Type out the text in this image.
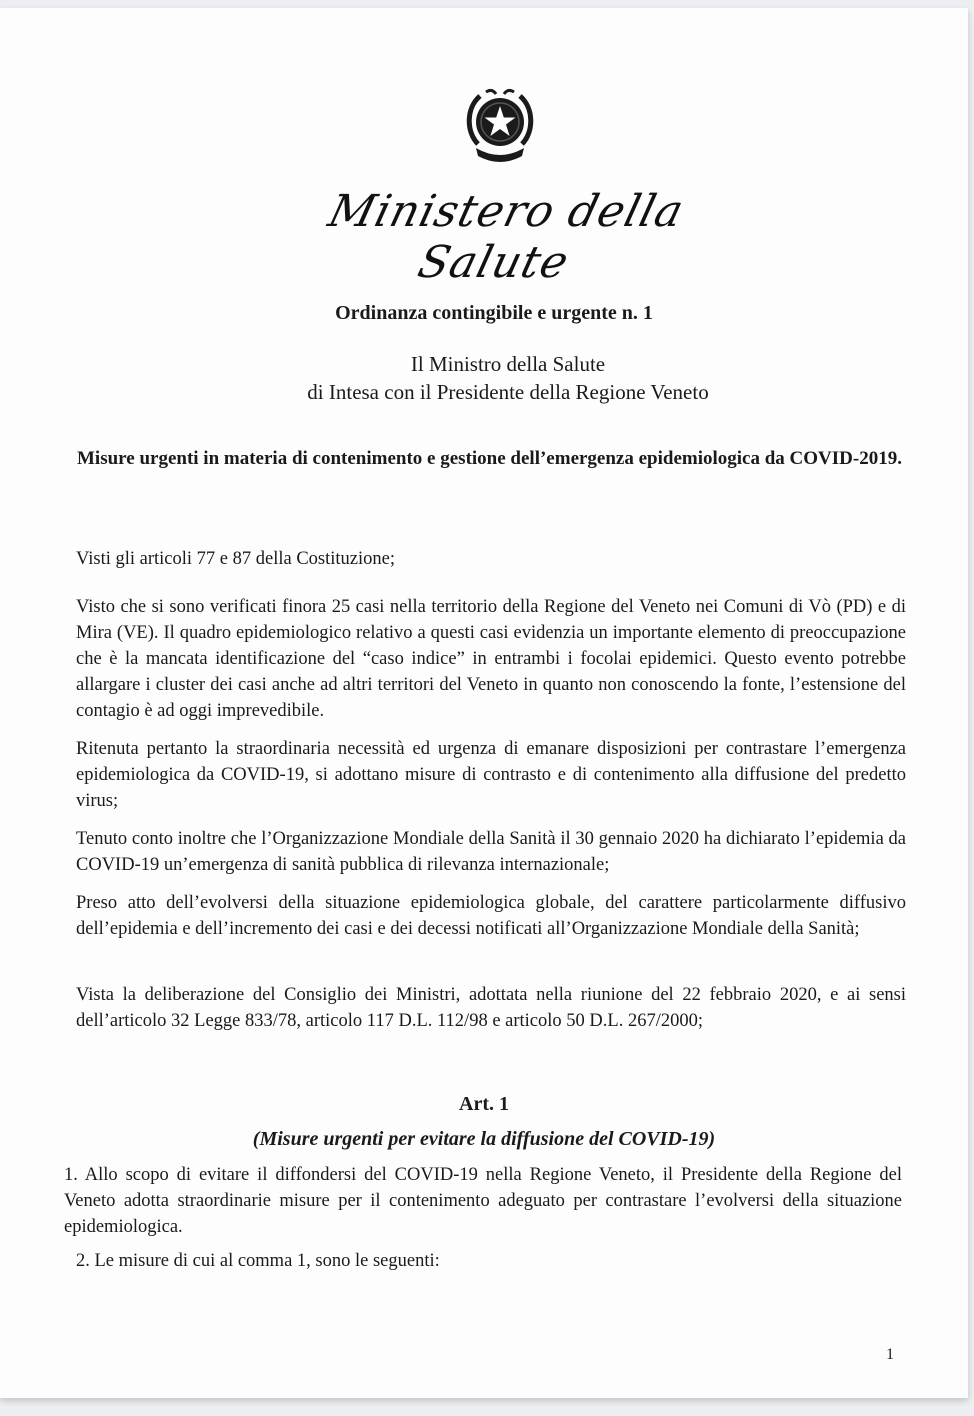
Ministero della Salute
Ordinanza contingibile e urgente n. 1
Il Ministro della Salute
di Intesa con il Presidente della Regione Veneto
Misure urgenti in materia di contenimento e gestione dell’emergenza epidemiologica da COVID-2019.

Visti gli articoli 77 e 87 della Costituzione;

Visto che si sono verificati finora 25 casi nella territorio della Regione del Veneto nei Comuni di Vò (PD) e di Mira (VE). Il quadro epidemiologico relativo a questi casi evidenzia un importante elemento di preoccupazione che è la mancata identificazione del “caso indice” in entrambi i focolai epidemici. Questo evento potrebbe allargare i cluster dei casi anche ad altri territori del Veneto in quanto non conoscendo la fonte, l’estensione del contagio è ad oggi imprevedibile.

Ritenuta pertanto la straordinaria necessità ed urgenza di emanare disposizioni per contrastare l’emergenza epidemiologica da COVID-19, si adottano misure di contrasto e di contenimento alla diffusione del predetto virus;

Tenuto conto inoltre che l’Organizzazione Mondiale della Sanità il 30 gennaio 2020 ha dichiarato l’epidemia da COVID-19 un’emergenza di sanità pubblica di rilevanza internazionale;

Preso atto dell’evolversi della situazione epidemiologica globale, del carattere particolarmente diffusivo dell’epidemia e dell’incremento dei casi e dei decessi notificati all’Organizzazione Mondiale della Sanità;

Vista la deliberazione del Consiglio dei Ministri, adottata nella riunione del 22 febbraio 2020, e ai sensi dell’articolo 32 Legge 833/78, articolo 117 D.L. 112/98 e articolo 50 D.L. 267/2000;

Art. 1
(Misure urgenti per evitare la diffusione del COVID-19)

1. Allo scopo di evitare il diffondersi del COVID-19 nella Regione Veneto, il Presidente della Regione del Veneto adotta straordinarie misure per il contenimento adeguato per contrastare l’evolversi della situazione epidemiologica.

2. Le misure di cui al comma 1, sono le seguenti:

1
